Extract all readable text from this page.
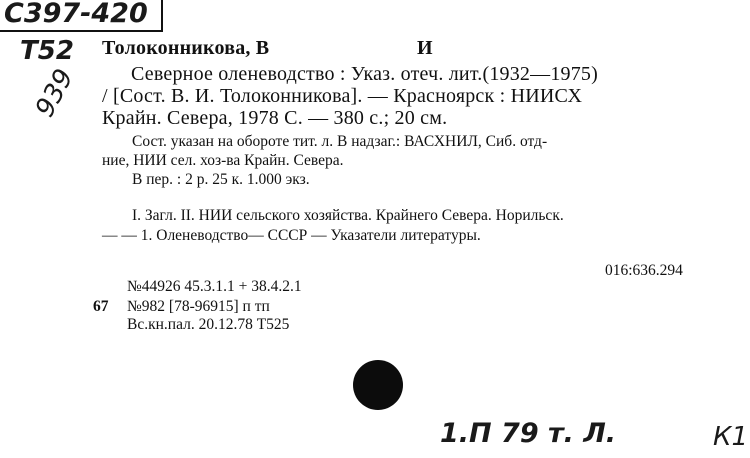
С397-420
Т52
939
Толоконникова, В	И
Северное оленеводство : Указ. отеч. лит.(1932—1975)
/ [Сост. В. И. Толоконникова]. — Красноярск : НИИСХ
Крайн. Севера, 1978 С. — 380 с.; 20 см.
Сост. указан на обороте тит. л. В надзаг.: ВАСХНИЛ, Сиб. отд-
ние, НИИ сел. хоз-ва Крайн. Севера.
В пер. : 2 р. 25 к. 1.000 экз.
I. Загл. II. НИИ сельского хозяйства. Крайнего Севера. Норильск.
— — 1. Оленеводство— СССР — Указатели литературы.
016:636.294
№44926 45.3.1.1 + 38.4.2.1
67 №982 [78-96915] п тп
Вс.кн.пал. 20.12.78 Т525
1.П 79 т. Л.	К1
